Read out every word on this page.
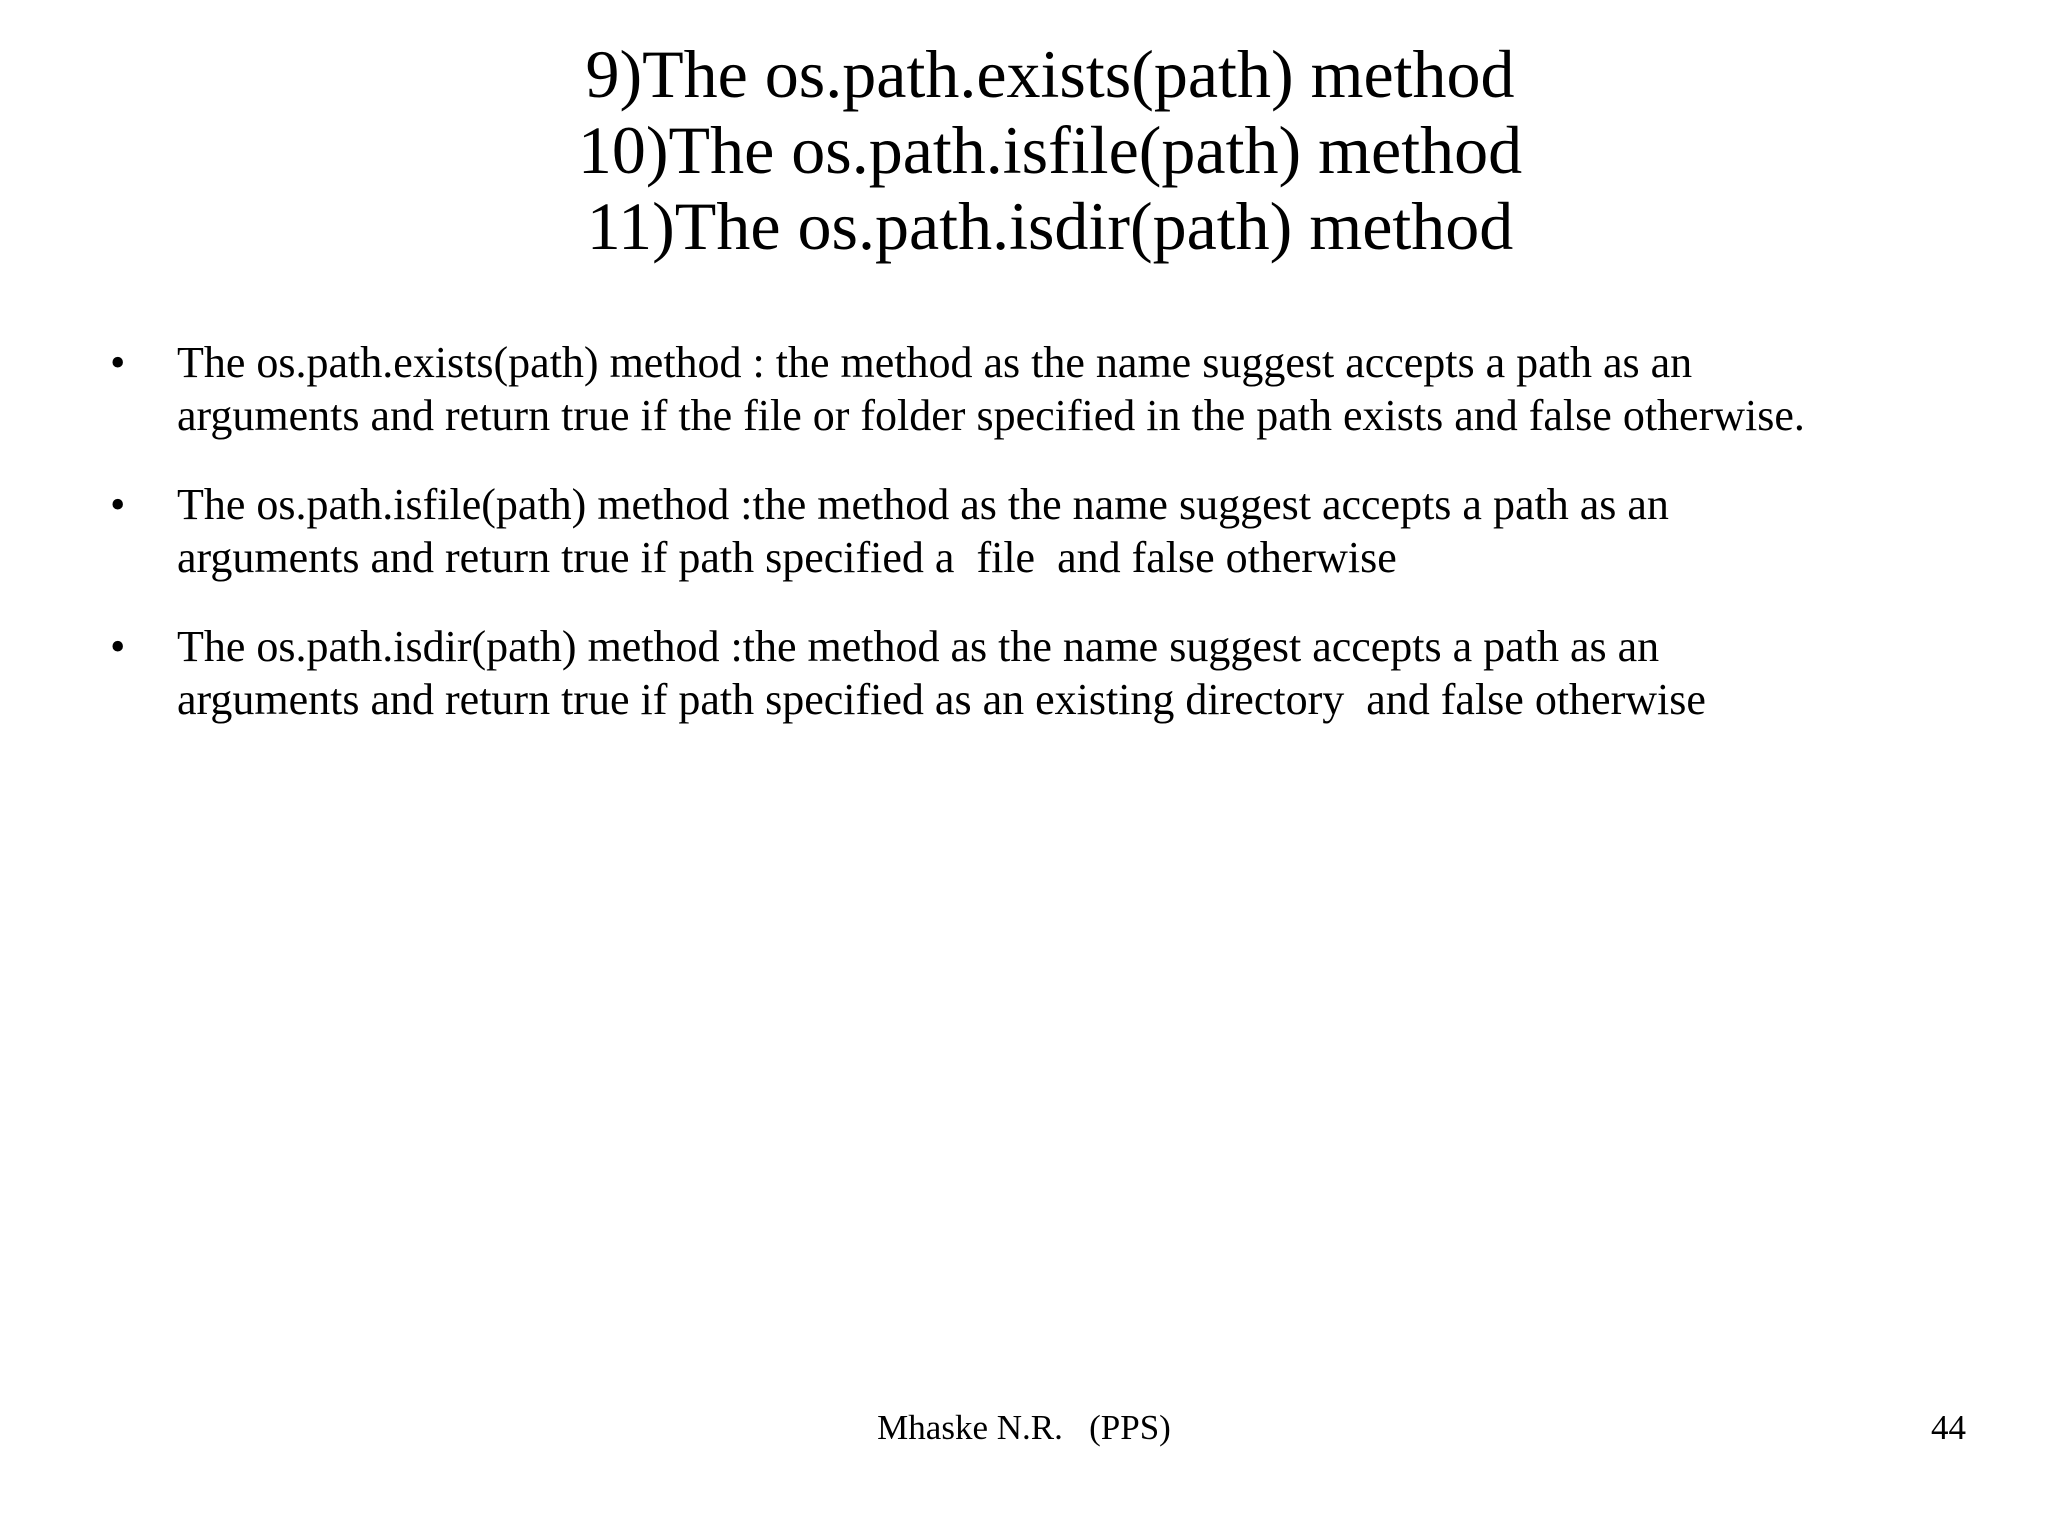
9)The os.path.exists(path) method
10)The os.path.isfile(path) method
11)The os.path.isdir(path) method
• The os.path.exists(path) method : the method as the name suggest accepts a path as an
arguments and return true if the file or folder specified in the path exists and false otherwise.
• The os.path.isfile(path) method :the method as the name suggest accepts a path as an
arguments and return true if path specified a  file  and false otherwise
• The os.path.isdir(path) method :the method as the name suggest accepts a path as an
arguments and return true if path specified as an existing directory  and false otherwise
Mhaske N.R.   (PPS)	44
